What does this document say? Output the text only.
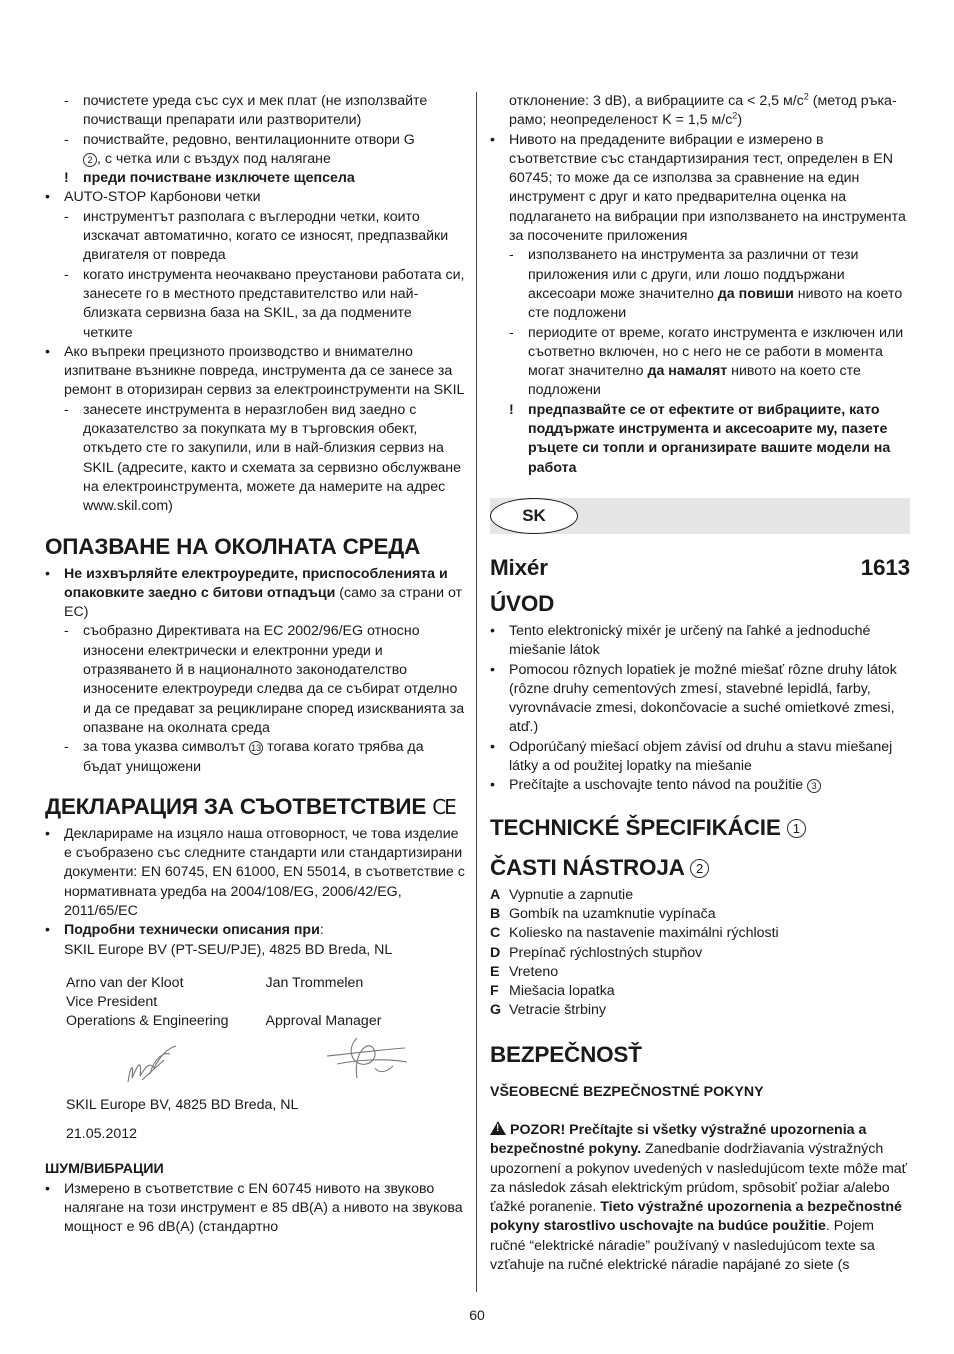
- почистете уреда със сух и мек плат (не използвайте почистващи препарати или разтворители)
- почиствайте, редовно, вентилационните отвори G
2 , с четка или с въздух под налягане
! преди почистване изключете щепсела
• AUTO-STOP Карбонови четки
- инструментът разполага с въглеродни четки, които изскачат автоматично, когато се износят, предпазвайки двигателя от повреда
- когато инструмента неочаквано преустанови работата си, занесете го в местното представителство или най-близката сервизна база на SKIL, за да подмените четките
• Ако въпреки прецизното производство и внимателно изпитване възникне повреда, инструмента да се занесе за ремонт в оторизиран сервиз за електроинструменти на SKIL
- занесете инструмента в неразглобен вид заедно с доказателство за покупката му в търговския обект, откъдето сте го закупили, или в най-близкия сервиз на SKIL (адресите, както и схемата за сервизно обслужване на електроинструмента, можете да намерите на адрес www.skil.com)
ОПАЗВАНЕ НА ОКОЛНАТА СРЕДА
• Не изхвърляйте електроуредите, приспособленията и опаковките заедно с битови отпадъци (само за страни от ЕС)
- съобразно Директивата на ЕС 2002/96/EG относно износени електрически и електронни уреди и отразяването й в националното законодателство износените електроуреди следва да се събират отделно и да се предават за рециклиране според изискванията за опазване на околната среда
- за това указва символът 13 тогава когато трябва да бъдат унищожени
ДЕКЛАРАЦИЯ ЗА СЪОТВЕТСТВИЕ CE
• Декларираме на изцяло наша отговорност, че това изделие е съобразено със следните стандарти или стандартизирани документи: EN 60745, EN 61000, EN 55014, в съответствие с нормативната уредба на 2004/108/EG, 2006/42/EG, 2011/65/EC
• Подробни технически описания при:
SKIL Europe BV (PT-SEU/PJE), 4825 BD Breda, NL
Arno van der Kloot
Vice President
Operations & Engineering
Jan Trommelen

Approval Manager
SKIL Europe BV, 4825 BD Breda, NL
21.05.2012
ШУМ/ВИБРАЦИИ
• Измерено в съответствие с EN 60745 нивото на звуково налягане на този инструмент е 85 dB(A) а нивото на звукова мощност е 96 dB(A) (стандартно
отклонение: 3 dB), а вибрациите са < 2,5 $м/с^2$ (метод ръка-рамо; неопределеност K = 1,5 $м/с^2$)
• Нивото на предадените вибрации е измерено в съответствие със стандартизирания тест, определен в EN 60745; то може да се използва за сравнение на един инструмент с друг и като предварителна оценка на подлагането на вибрации при използването на инструмента за посочените приложения
- използването на инструмента за различни от тези приложения или с други, или лошо поддържани аксесоари може значително да повиши нивото на което сте подложени
- периодите от време, когато инструмента е изключен или съответно включен, но с него не се работи в момента могат значително да намалят нивото на което сте подложени
! предпазвайте се от ефектите от вибрациите, като поддържате инструмента и аксесоарите му, пазете ръцете си топли и организирате вашите модели на работа
SK
Mixér	1613
ÚVOD
• Tento elektronický mixér je určený na ľahké a jednoduché miešanie látok
• Pomocou rôznych lopatiek je možné miešať rôzne druhy látok (rôzne druhy cementových zmesí, stavebné lepidlá, farby, vyrovnávacie zmesi, dokončovacie a suché omietkové zmesi, atď.)
• Odporúčaný miešací objem závisí od druhu a stavu miešanej látky a od použitej lopatky na miešanie
• Prečítajte a uschovajte tento návod na použitie 3
TECHNICKÉ ŠPECIFIKÁCIE 1
ČASTI NÁSTROJA 2
A Vypnutie a zapnutie
B Gombík na uzamknutie vypínača
C Koliesko na nastavenie maximálni rýchlosti
D Prepínač rýchlostných stupňov
E Vreteno
F Miešacia lopatka
G Vetracie štrbiny
BEZPEČNOSŤ
VŠEOBECNÉ BEZPEČNOSTNÉ POKYNY
! POZOR! Prečítajte si všetky výstražné upozornenia a bezpečnostné pokyny. Zanedbanie dodržiavania výstražných upozornení a pokynov uvedených v nasledujúcom texte môže mať za následok zásah elektrickým prúdom, spôsobiť požiar a/alebo ťažké poranenie. Tieto výstražné upozornenia a bezpečnostné pokyny starostlivo uschovajte na budúce použitie. Pojem ručné “elektrické náradie” používaný v nasledujúcom texte sa vzťahuje na ručné elektrické náradie napájané zo siete (s
60
